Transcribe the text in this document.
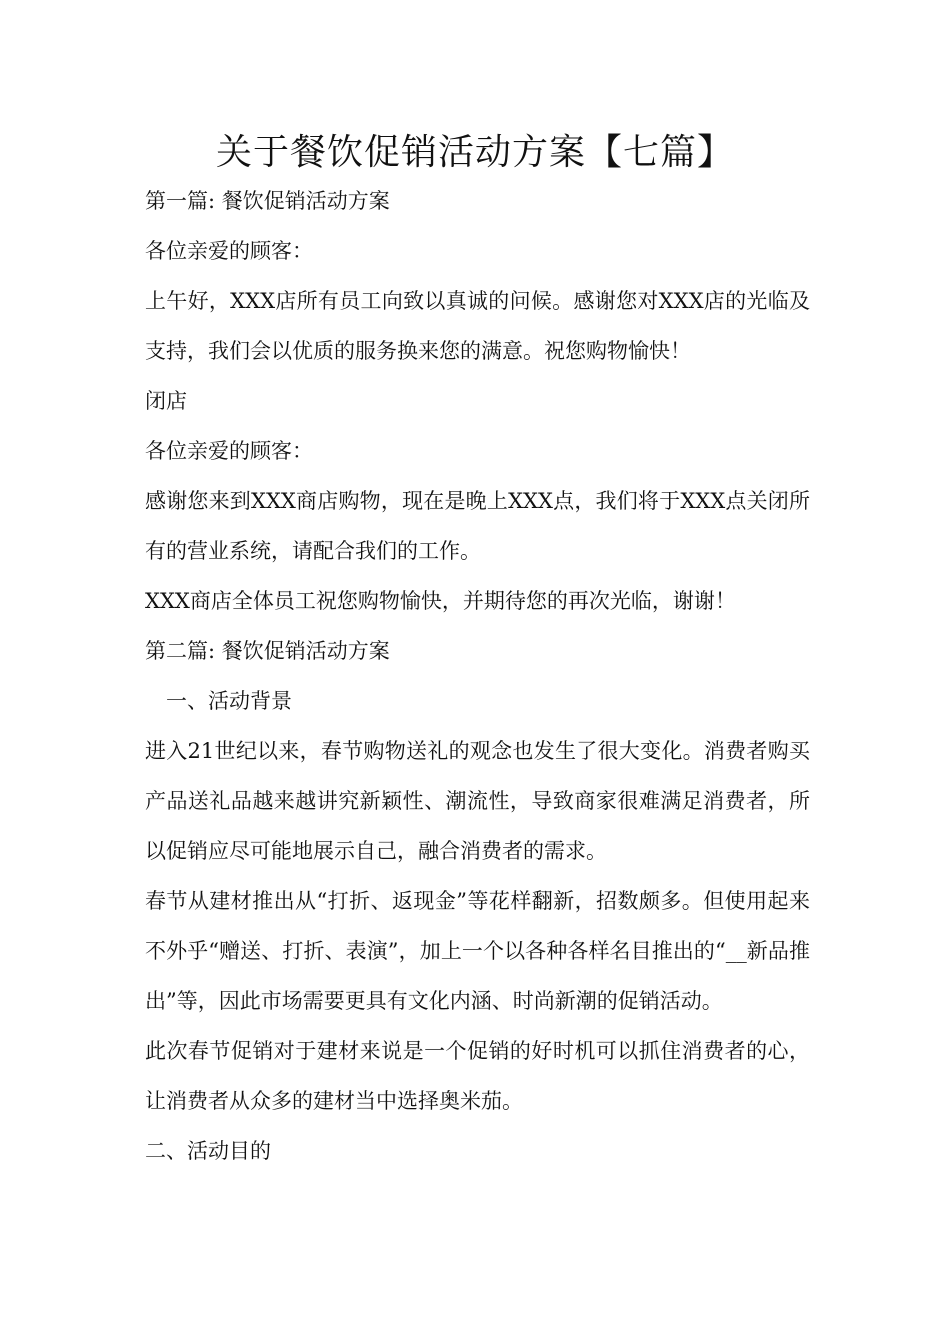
关于餐饮促销活动方案【七篇】

第一篇: 餐饮促销活动方案

各位亲爱的顾客：

上午好，XXX店所有员工向致以真诚的问候。感谢您对XXX店的光临及支持，我们会以优质的服务换来您的满意。祝您购物愉快！

闭店

各位亲爱的顾客：

感谢您来到XXX商店购物，现在是晚上XXX点，我们将于XXX点关闭所有的营业系统，请配合我们的工作。

XXX商店全体员工祝您购物愉快，并期待您的再次光临，谢谢！

第二篇: 餐饮促销活动方案

一、活动背景

进入21世纪以来，春节购物送礼的观念也发生了很大变化。消费者购买产品送礼品越来越讲究新颖性、潮流性，导致商家很难满足消费者，所以促销应尽可能地展示自己，融合消费者的需求。

春节从建材推出从“打折、返现金”等花样翻新，招数颇多。但使用起来不外乎“赠送、打折、表演”，加上一个以各种各样名目推出的“__新品推出”等，因此市场需要更具有文化内涵、时尚新潮的促销活动。

此次春节促销对于建材来说是一个促销的好时机可以抓住消费者的心，让消费者从众多的建材当中选择奥米茄。

二、活动目的
